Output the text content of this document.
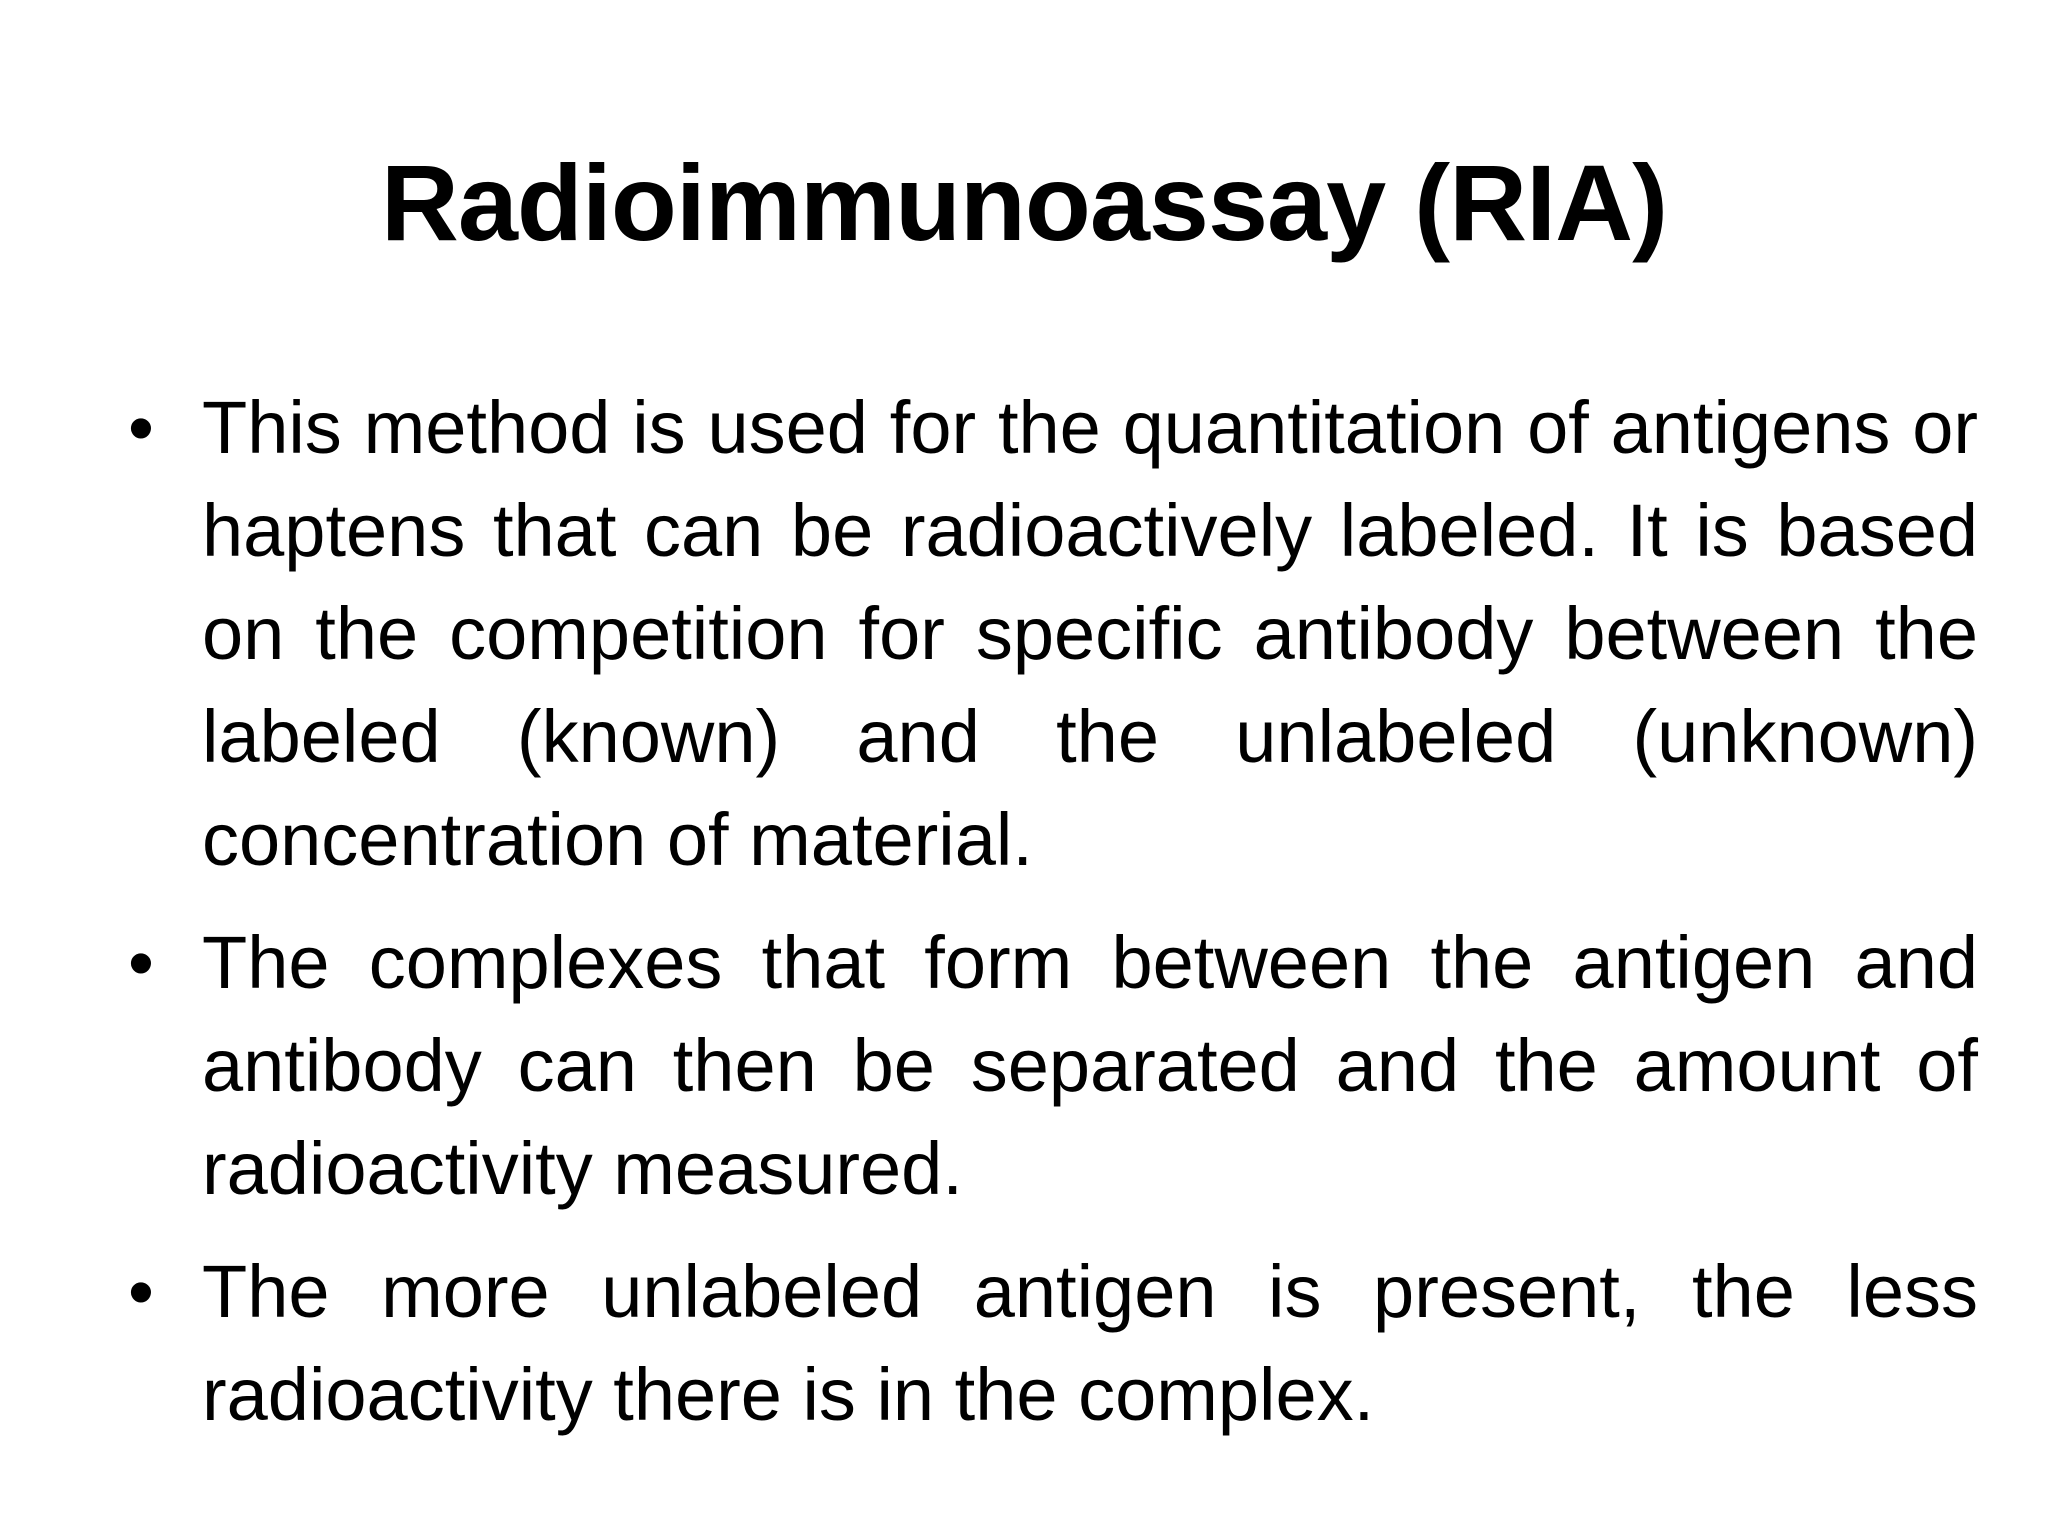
Radioimmunoassay (RIA)
• This method is used for the quantitation of antigens or haptens that can be radioactively labeled. It is based on the competition for specific antibody between the labeled (known) and the unlabeled (unknown) concentration of material.
• The complexes that form between the antigen and antibody can then be separated and the amount of radioactivity measured.
• The more unlabeled antigen is present, the less radioactivity there is in the complex.
